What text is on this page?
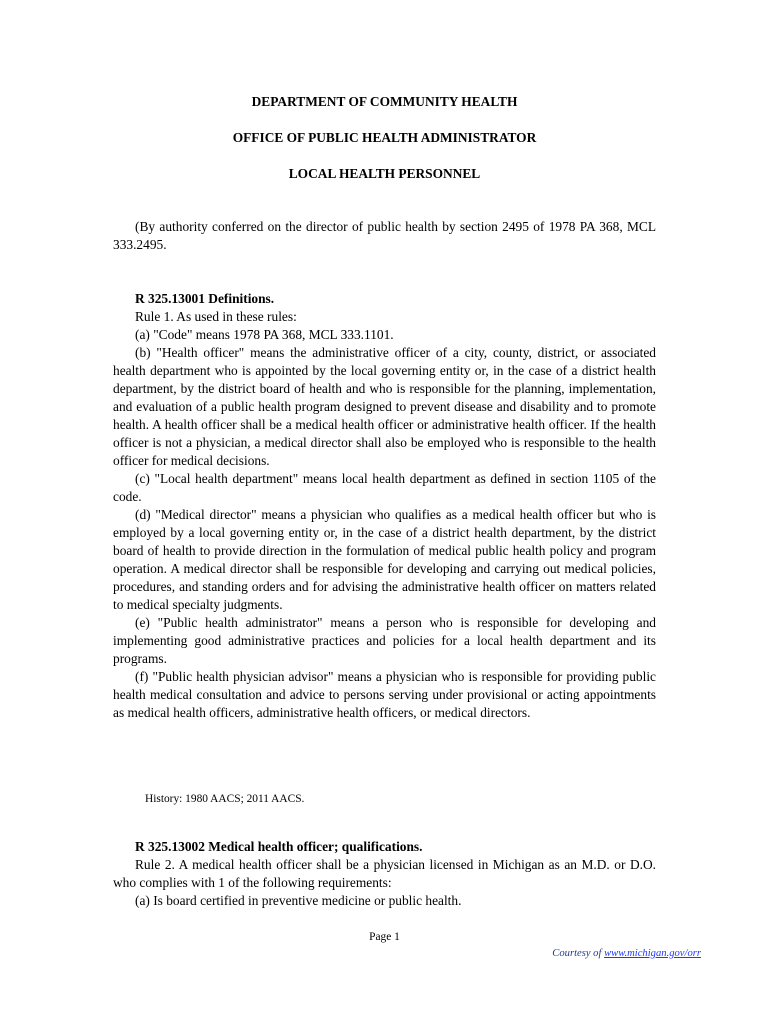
DEPARTMENT OF COMMUNITY HEALTH
OFFICE OF PUBLIC HEALTH ADMINISTRATOR
LOCAL HEALTH PERSONNEL

(By authority conferred on the director of public health by section 2495 of 1978 PA 368, MCL 333.2495.

R 325.13001 Definitions.

Rule 1. As used in these rules:

(a) "Code" means 1978 PA 368, MCL 333.1101.

(b) "Health officer" means the administrative officer of a city, county, district, or associated health department who is appointed by the local governing entity or, in the case of a district health department, by the district board of health and who is responsible for the planning, implementation, and evaluation of a public health program designed to prevent disease and disability and to promote health. A health officer shall be a medical health officer or administrative health officer. If the health officer is not a physician, a medical director shall also be employed who is responsible to the health officer for medical decisions.

(c) "Local health department" means local health department as defined in section 1105 of the code.

(d) "Medical director" means a physician who qualifies as a medical health officer but who is employed by a local governing entity or, in the case of a district health department, by the district board of health to provide direction in the formulation of medical public health policy and program operation. A medical director shall be responsible for developing and carrying out medical policies, procedures, and standing orders and for advising the administrative health officer on matters related to medical specialty judgments.

(e) "Public health administrator" means a person who is responsible for developing and implementing good administrative practices and policies for a local health department and its programs.

(f) "Public health physician advisor" means a physician who is responsible for providing public health medical consultation and advice to persons serving under provisional or acting appointments as medical health officers, administrative health officers, or medical directors.

History: 1980 AACS; 2011 AACS.

R 325.13002 Medical health officer; qualifications.

Rule 2. A medical health officer shall be a physician licensed in Michigan as an M.D. or D.O. who complies with 1 of the following requirements:

(a) Is board certified in preventive medicine or public health.

Page 1
Courtesy of www.michigan.gov/orr
